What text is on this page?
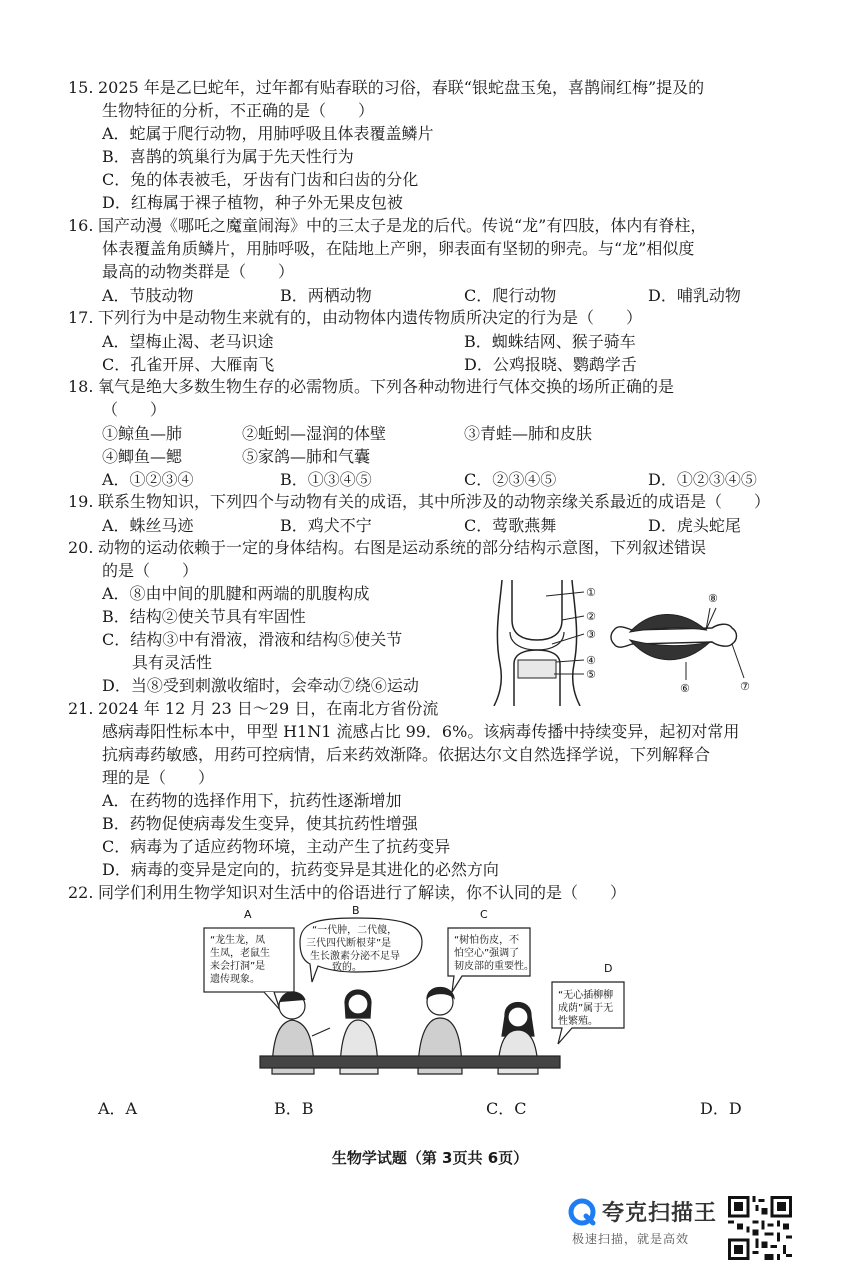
15. 2025 年是乙巳蛇年，过年都有贴春联的习俗，春联“银蛇盘玉兔，喜鹊闹红梅”提及的
生物特征的分析，不正确的是（　　）
A．蛇属于爬行动物，用肺呼吸且体表覆盖鳞片
B．喜鹊的筑巢行为属于先天性行为
C．兔的体表被毛，牙齿有门齿和臼齿的分化
D．红梅属于裸子植物，种子外无果皮包被
16. 国产动漫《哪吒之魔童闹海》中的三太子是龙的后代。传说“龙”有四肢，体内有脊柱，
体表覆盖角质鳞片，用肺呼吸，在陆地上产卵，卵表面有坚韧的卵壳。与“龙”相似度
最高的动物类群是（　　）
A．节肢动物	B．两栖动物	C．爬行动物	D．哺乳动物
17. 下列行为中是动物生来就有的，由动物体内遗传物质所决定的行为是（　　）
A．望梅止渴、老马识途	B．蜘蛛结网、猴子骑车
C．孔雀开屏、大雁南飞	D．公鸡报晓、鹦鹉学舌
18. 氧气是绝大多数生物生存的必需物质。下列各种动物进行气体交换的场所正确的是
（　　）
①鲸鱼—肺	②蚯蚓—湿润的体壁	③青蛙—肺和皮肤
④鲫鱼—鳃	⑤家鸽—肺和气囊
A．①②③④	B．①③④⑤	C．②③④⑤	D．①②③④⑤
19. 联系生物知识，下列四个与动物有关的成语，其中所涉及的动物亲缘关系最近的成语是（　　）
A．蛛丝马迹	B．鸡犬不宁	C．莺歌燕舞	D．虎头蛇尾
20. 动物的运动依赖于一定的身体结构。右图是运动系统的部分结构示意图，下列叙述错误
的是（　　）
A．⑧由中间的肌腱和两端的肌腹构成
B．结构②使关节具有牢固性
C．结构③中有滑液，滑液和结构⑤使关节
具有灵活性
D．当⑧受到刺激收缩时，会牵动⑦绕⑥运动
①
②
③
④
⑤
⑧
⑥	⑦
21. 2024 年 12 月 23 日～29 日，在南北方省份流
感病毒阳性标本中，甲型 H1N1 流感占比 99．6%。该病毒传播中持续变异，起初对常用
抗病毒药敏感，用药可控病情，后来药效渐降。依据达尔文自然选择学说，下列解释合
理的是（　　）
A．在药物的选择作用下，抗药性逐渐增加
B．药物促使病毒发生变异，使其抗药性增强
C．病毒为了适应药物环境，主动产生了抗药变异
D．病毒的变异是定向的，抗药变异是其进化的必然方向
22. 同学们利用生物学知识对生活中的俗语进行了解读，你不认同的是（　　）
A
“龙生龙，凤
生凤，老鼠生
来会打洞”是
遗传现象。
B
“一代肿，二代傻，
三代四代断根芽”是
生长激素分泌不足导
致的。
C
“树怕伤皮，不
怕空心”强调了
韧皮部的重要性。	D
“无心插柳柳
成荫”属于无
性繁殖。
A．A	B．B	C．C	D．D
生物学试题（第 3页共 6页）
夸克扫描王
极速扫描，就是高效
